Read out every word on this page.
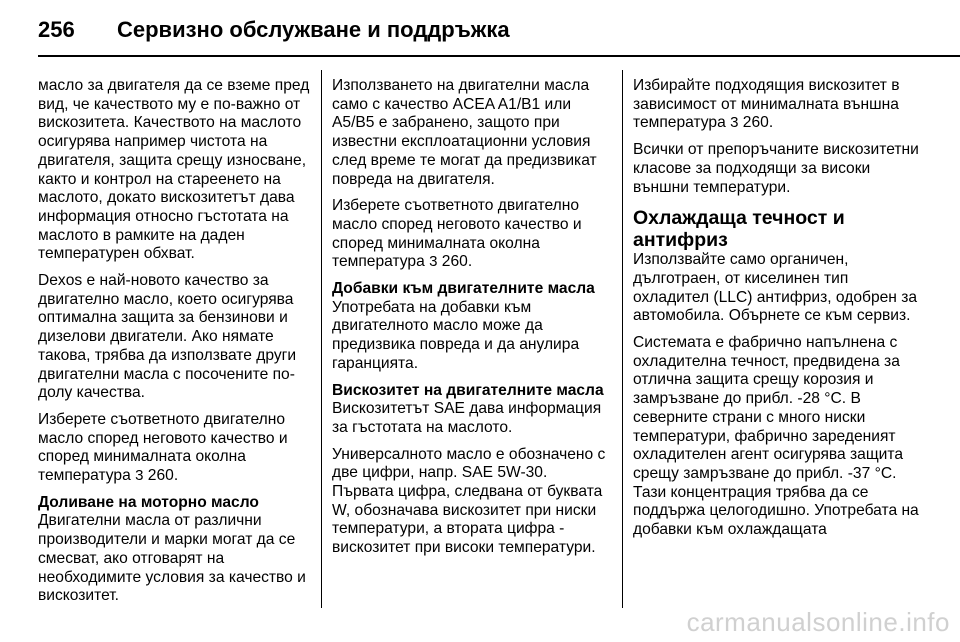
256 Сервизно обслужване и поддръжка

масло за двигателя да се вземе пред вид, че качеството му е по-важно от вискозитета. Качеството на маслото осигурява например чистота на двигателя, защита срещу износване, както и контрол на стареенето на маслото, докато вискозитетът дава информация относно гъстотата на маслото в рамките на даден температурен обхват.

Dexos е най-новото качество за двигателно масло, което осигурява оптимална защита за бензинови и дизелови двигатели. Ако нямате такова, трябва да използвате други двигателни масла с посочените по-долу качества.

Изберете съответното двигателно масло според неговото качество и според минималната околна температура 3 260.

Доливане на моторно масло

Двигателни масла от различни производители и марки могат да се смесват, ако отговарят на необходимите условия за качество и вискозитет.

Използването на двигателни масла само с качество ACEA A1/B1 или A5/B5 е забранено, защото при известни експлоатационни условия след време те могат да предизвикат повреда на двигателя.

Изберете съответното двигателно масло според неговото качество и според минималната околна температура 3 260.

Добавки към двигателните масла

Употребата на добавки към двигателното масло може да предизвика повреда и да анулира гаранцията.

Вискозитет на двигателните масла

Вискозитетът SAE дава информация за гъстотата на маслото.

Универсалното масло е обозначено с две цифри, напр. SAE 5W-30. Първата цифра, следвана от буквата W, обозначава вискозитет при ниски температури, а втората цифра - вискозитет при високи температури.

Избирайте подходящия вискозитет в зависимост от минималната външна температура 3 260.

Всички от препоръчаните вискозитетни класове за подходящи за високи външни температури.

Охлаждаща течност и антифриз

Използвайте само органичен, дълготраен, от киселинен тип охладител (LLC) антифриз, одобрен за автомобила. Обърнете се към сервиз.

Системата е фабрично напълнена с охладителна течност, предвидена за отлична защита срещу корозия и замръзване до прибл. -28 °C. В северните страни с много ниски температури, фабрично зареденият охладителен агент осигурява защита срещу замръзване до прибл. -37 °C. Тази концентрация трябва да се поддържа целогодишно. Употребата на добавки към охлаждащата

carmanualsonline.info
